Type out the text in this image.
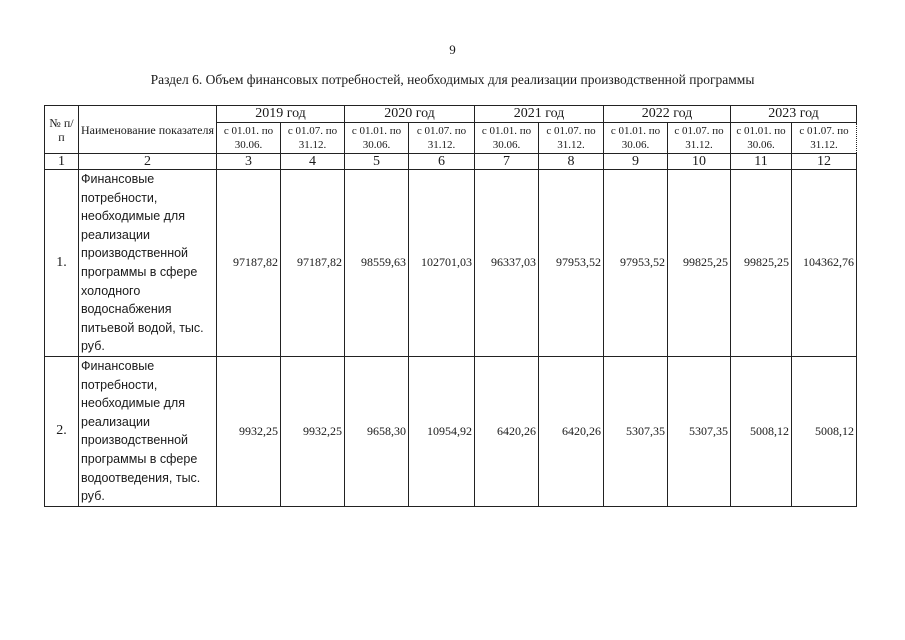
9
Раздел 6. Объем финансовых потребностей, необходимых для реализации производственной программы
№ п/п	Наименование показателя	2019 год		2020 год		2021 год		2022 год		2023 год	
		с 01.01. по 30.06.	с 01.07. по 31.12.	с 01.01. по 30.06.	с 01.07. по 31.12.	с 01.01. по 30.06.	с 01.07. по 31.12.	с 01.01. по 30.06.	с 01.07. по 31.12.	с 01.01. по 30.06.	с 01.07. по 31.12.
1	2	3	4	5	6	7	8	9	10	11	12
1.	Финансовые потребности, необходимые для реализации производственной программы в сфере холодного водоснабжения питьевой водой, тыс. руб.	97187,82	97187,82	98559,63	102701,03	96337,03	97953,52	97953,52	99825,25	99825,25	104362,76
2.	Финансовые потребности, необходимые для реализации производственной программы в сфере водоотведения, тыс. руб.	9932,25	9932,25	9658,30	10954,92	6420,26	6420,26	5307,35	5307,35	5008,12	5008,12
